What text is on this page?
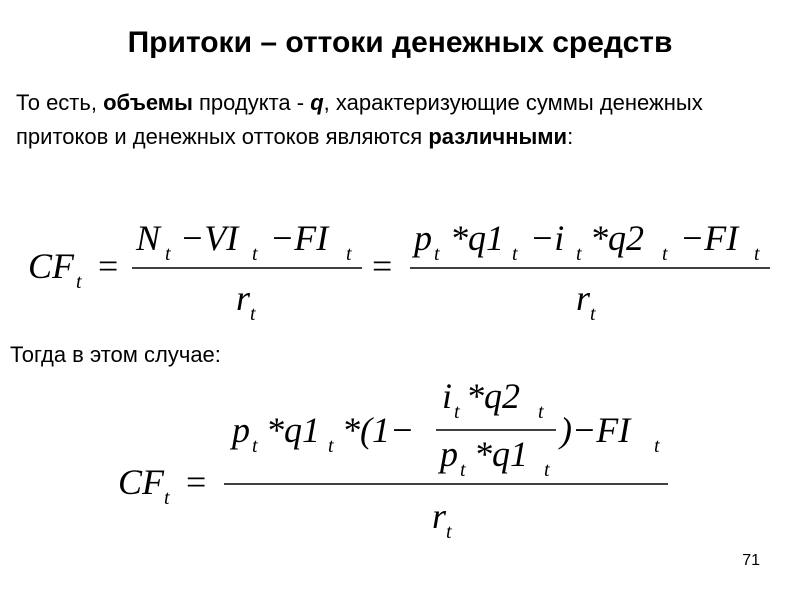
Притоки – оттоки денежных средств
То есть, объемы продукта - q, характеризующие суммы денежных притоков и денежных оттоков являются различными:
CF t =
N t −VI t −FI t
r t
=
p t *q1 t −i t *q2 t −FI t
r t
Тогда в этом случае:
CF t =
p t *q1 t *(1−
i t *q2 t
p t *q1 t
)−FI t
r t
71
